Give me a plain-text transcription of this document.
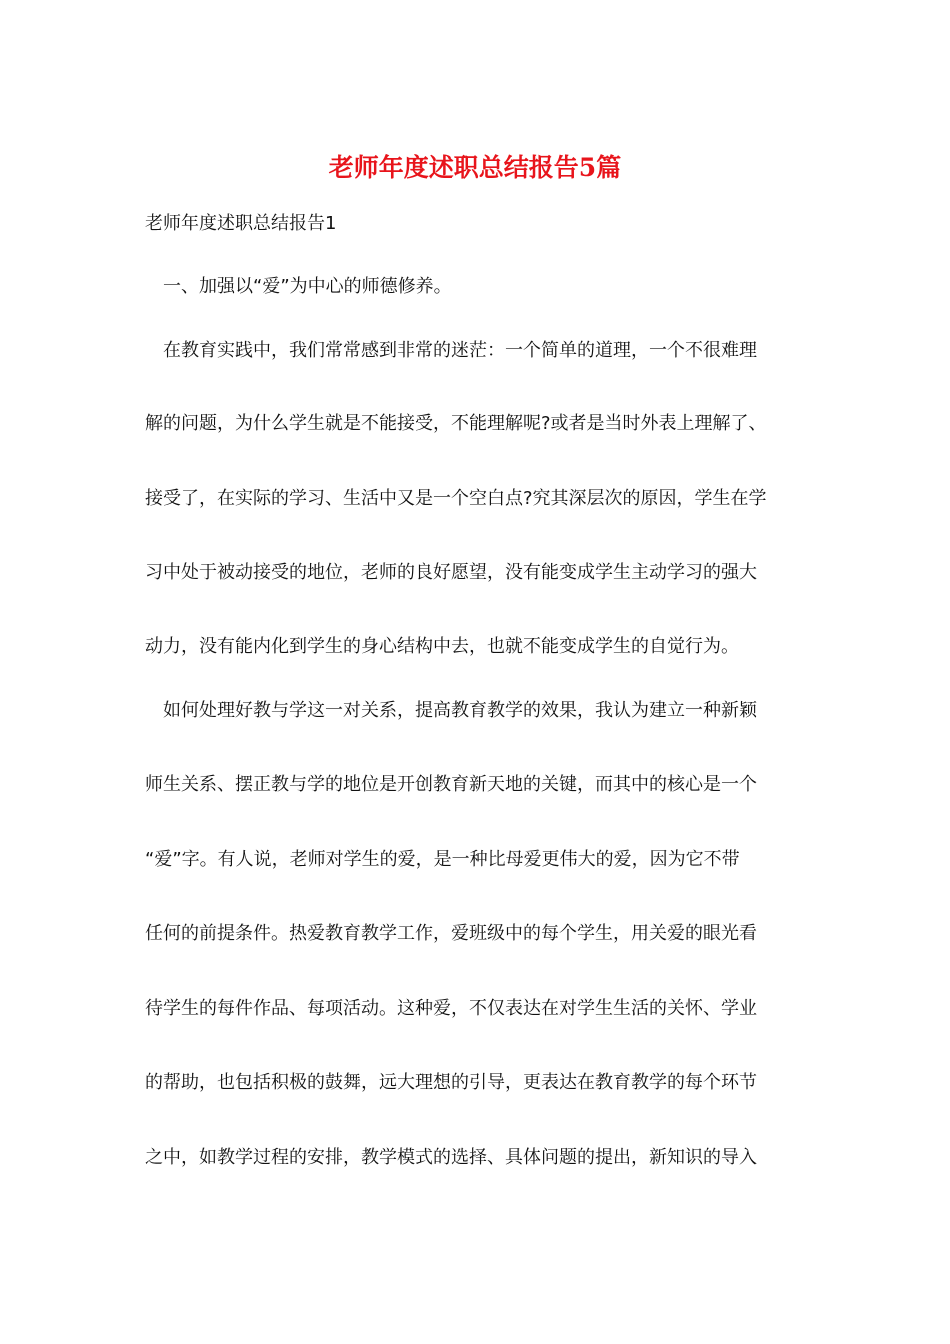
老师年度述职总结报告5篇

老师年度述职总结报告1

一、加强以“爱”为中心的师德修养。

在教育实践中，我们常常感到非常的迷茫：一个简单的道理，一个不很难理

解的问题，为什么学生就是不能接受，不能理解呢?或者是当时外表上理解了、

接受了，在实际的学习、生活中又是一个空白点?究其深层次的原因，学生在学

习中处于被动接受的地位，老师的良好愿望，没有能变成学生主动学习的强大

动力，没有能内化到学生的身心结构中去，也就不能变成学生的自觉行为。

如何处理好教与学这一对关系，提高教育教学的效果，我认为建立一种新颖

师生关系、摆正教与学的地位是开创教育新天地的关键，而其中的核心是一个

“爱”字。有人说，老师对学生的爱，是一种比母爱更伟大的爱，因为它不带

任何的前提条件。热爱教育教学工作，爱班级中的每个学生，用关爱的眼光看

待学生的每件作品、每项活动。这种爱，不仅表达在对学生生活的关怀、学业

的帮助，也包括积极的鼓舞，远大理想的引导，更表达在教育教学的每个环节

之中，如教学过程的安排，教学模式的选择、具体问题的提出，新知识的导入
